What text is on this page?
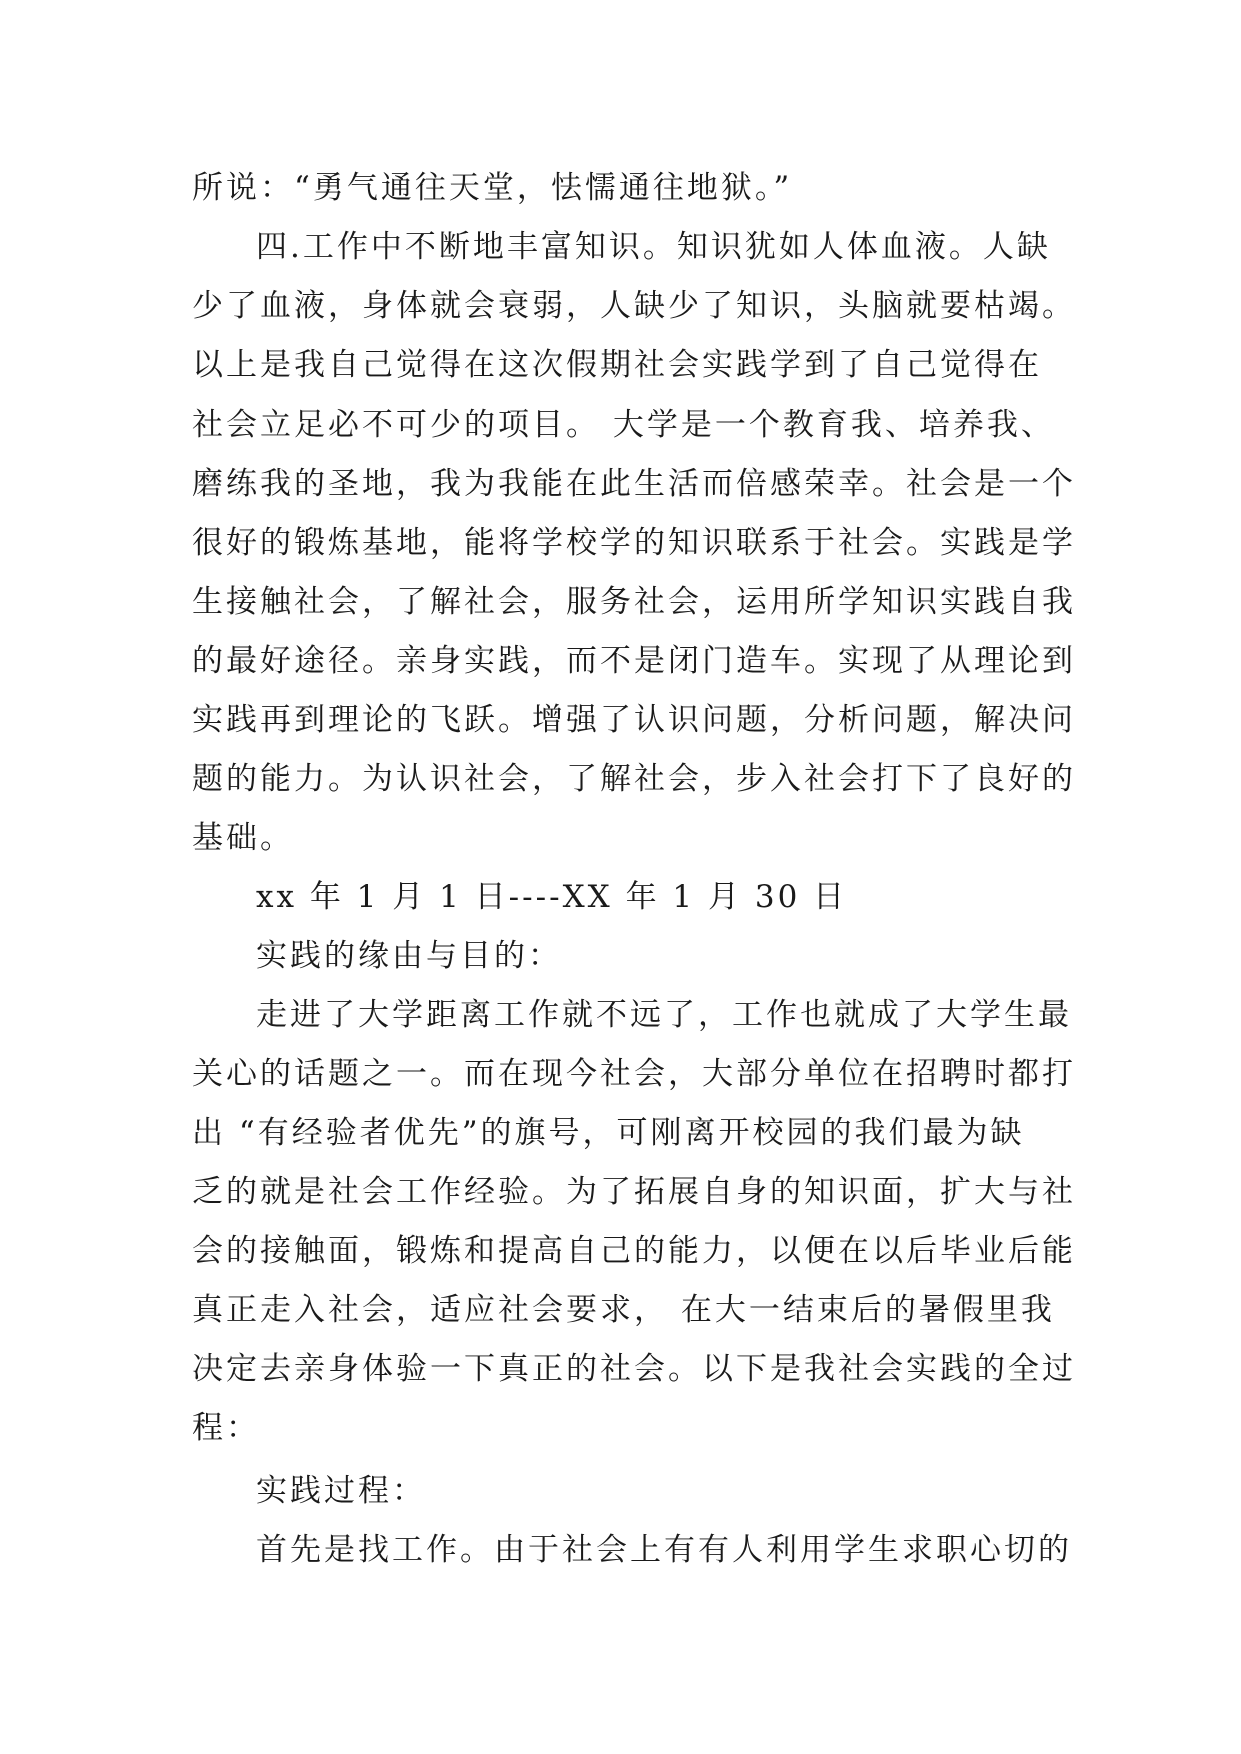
所说：“勇气通往天堂，怯懦通往地狱。”
四.工作中不断地丰富知识。知识犹如人体血液。人缺
少了血液，身体就会衰弱，人缺少了知识，头脑就要枯竭。
以上是我自己觉得在这次假期社会实践学到了自己觉得在
社会立足必不可少的项目。 大学是一个教育我、培养我、
磨练我的圣地，我为我能在此生活而倍感荣幸。社会是一个
很好的锻炼基地，能将学校学的知识联系于社会。实践是学
生接触社会，了解社会，服务社会，运用所学知识实践自我
的最好途径。亲身实践，而不是闭门造车。实现了从理论到
实践再到理论的飞跃。增强了认识问题，分析问题，解决问
题的能力。为认识社会，了解社会，步入社会打下了良好的
基础。
xx 年 1 月 1 日----XX 年 1 月 30 日
实践的缘由与目的：
走进了大学距离工作就不远了，工作也就成了大学生最
关心的话题之一。而在现今社会，大部分单位在招聘时都打
出 “有经验者优先”的旗号，可刚离开校园的我们最为缺
乏的就是社会工作经验。为了拓展自身的知识面，扩大与社
会的接触面，锻炼和提高自己的能力，以便在以后毕业后能
真正走入社会，适应社会要求， 在大一结束后的暑假里我
决定去亲身体验一下真正的社会。以下是我社会实践的全过
程：
实践过程：
首先是找工作。由于社会上有有人利用学生求职心切的
